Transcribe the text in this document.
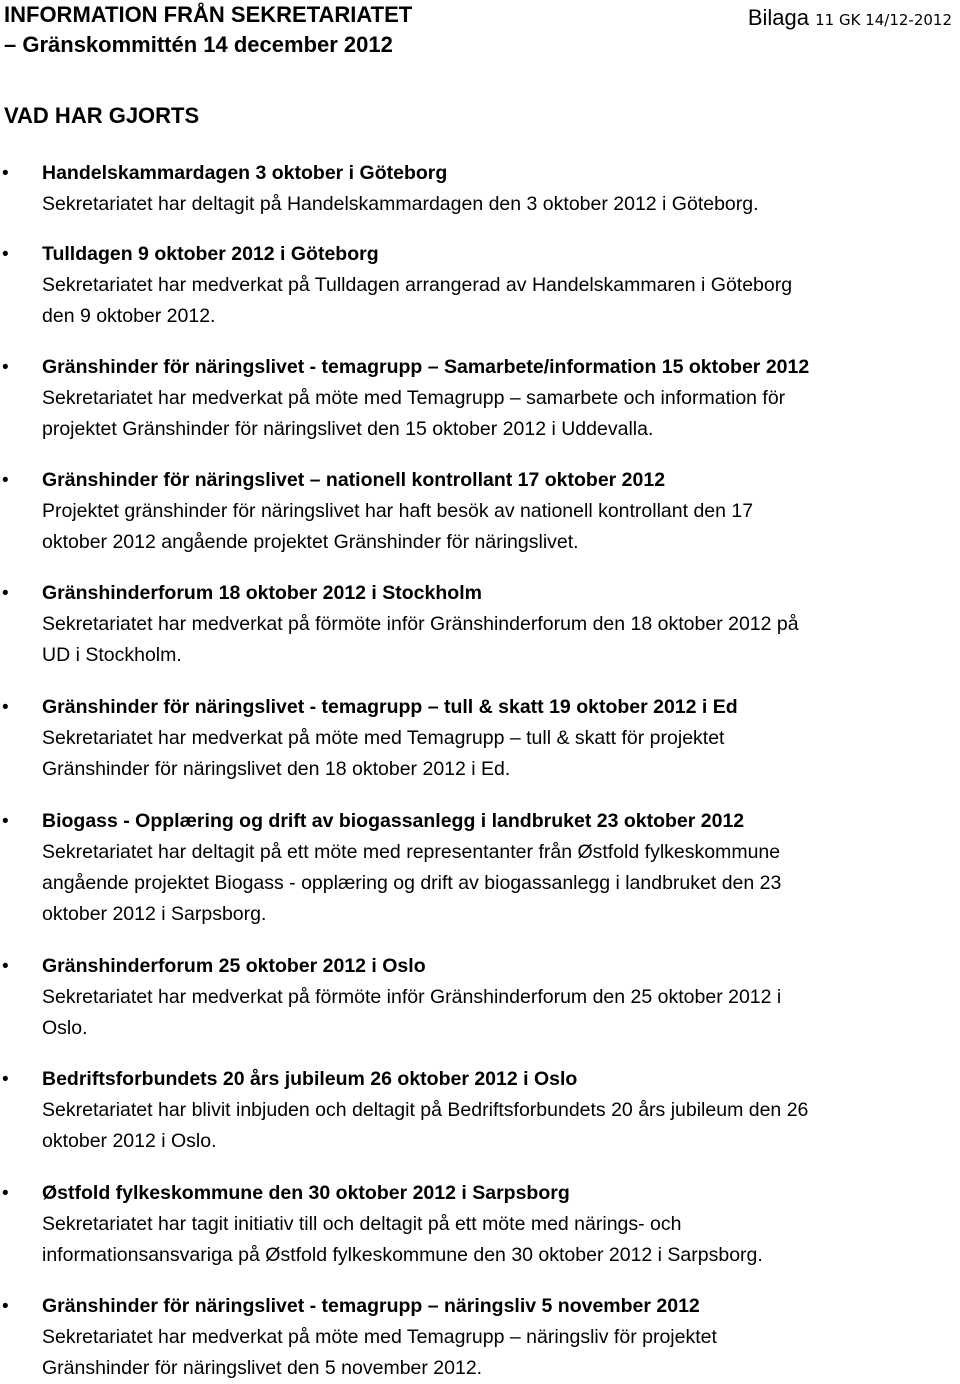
INFORMATION FRÅN SEKRETARIATET
– Gränskommittén 14 december 2012
Bilaga 11 GK 14/12-2012
VAD HAR GJORTS
• Handelskammardagen 3 oktober i Göteborg
Sekretariatet har deltagit på Handelskammardagen den 3 oktober 2012 i Göteborg.
• Tulldagen 9 oktober 2012 i Göteborg
Sekretariatet har medverkat på Tulldagen arrangerad av Handelskammaren i Göteborg
den 9 oktober 2012.
• Gränshinder för näringslivet - temagrupp – Samarbete/information 15 oktober 2012
Sekretariatet har medverkat på möte med Temagrupp – samarbete och information för
projektet Gränshinder för näringslivet den 15 oktober 2012 i Uddevalla.
• Gränshinder för näringslivet – nationell kontrollant 17 oktober 2012
Projektet gränshinder för näringslivet har haft besök av nationell kontrollant den 17
oktober 2012 angående projektet Gränshinder för näringslivet.
• Gränshinderforum 18 oktober 2012 i Stockholm
Sekretariatet har medverkat på förmöte inför Gränshinderforum den 18 oktober 2012 på
UD i Stockholm.
• Gränshinder för näringslivet - temagrupp – tull & skatt 19 oktober 2012 i Ed
Sekretariatet har medverkat på möte med Temagrupp – tull & skatt för projektet
Gränshinder för näringslivet den 18 oktober 2012 i Ed.
• Biogass - Opplæring og drift av biogassanlegg i landbruket 23 oktober 2012
Sekretariatet har deltagit på ett möte med representanter från Østfold fylkeskommune
angående projektet Biogass - opplæring og drift av biogassanlegg i landbruket den 23
oktober 2012 i Sarpsborg.
• Gränshinderforum 25 oktober 2012 i Oslo
Sekretariatet har medverkat på förmöte inför Gränshinderforum den 25 oktober 2012 i
Oslo.
• Bedriftsforbundets 20 års jubileum 26 oktober 2012 i Oslo
Sekretariatet har blivit inbjuden och deltagit på Bedriftsforbundets 20 års jubileum den 26
oktober 2012 i Oslo.
• Østfold fylkeskommune den 30 oktober 2012 i Sarpsborg
Sekretariatet har tagit initiativ till och deltagit på ett möte med närings- och
informationsansvariga på Østfold fylkeskommune den 30 oktober 2012 i Sarpsborg.
• Gränshinder för näringslivet - temagrupp – näringsliv 5 november 2012
Sekretariatet har medverkat på möte med Temagrupp – näringsliv för projektet
Gränshinder för näringslivet den 5 november 2012.
